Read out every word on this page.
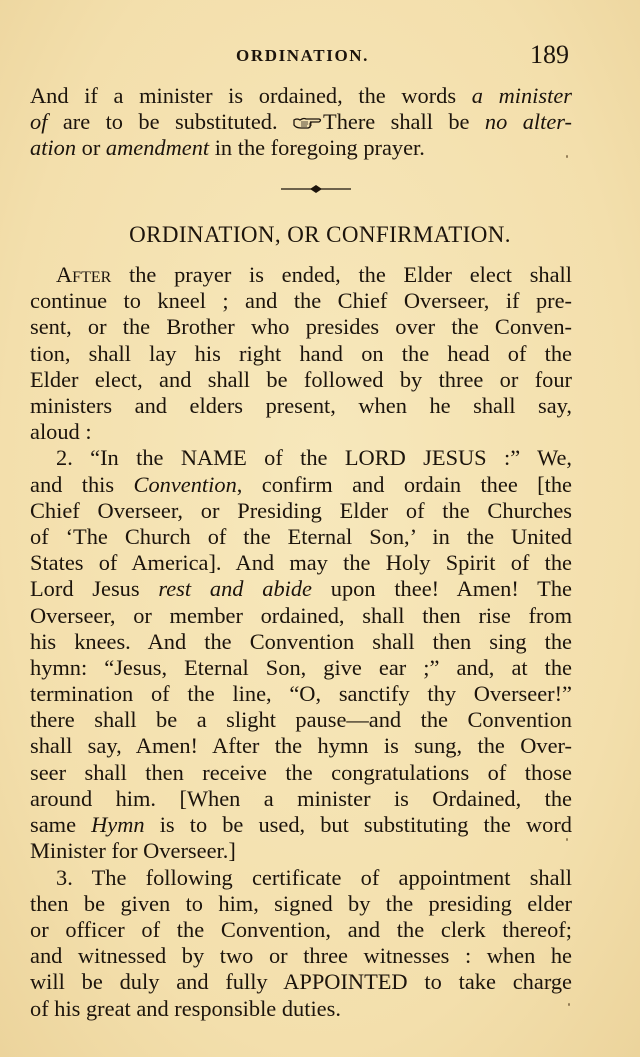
ORDINATION.	189
And if a minister is ordained, the words a minister
of are to be substituted. There shall be no alter-
ation or amendment in the foregoing prayer.
ORDINATION, OR CONFIRMATION.
After the prayer is ended, the Elder elect shall
continue to kneel ; and the Chief Overseer, if pre-
sent, or the Brother who presides over the Conven-
tion, shall lay his right hand on the head of the
Elder elect, and shall be followed by three or four
ministers and elders present, when he shall say,
aloud :
2. “In the NAME of the LORD JESUS :” We,
and this Convention, confirm and ordain thee [the
Chief Overseer, or Presiding Elder of the Churches
of ‘The Church of the Eternal Son,’ in the United
States of America]. And may the Holy Spirit of the
Lord Jesus rest and abide upon thee! Amen! The
Overseer, or member ordained, shall then rise from
his knees. And the Convention shall then sing the
hymn: “Jesus, Eternal Son, give ear ;” and, at the
termination of the line, “O, sanctify thy Overseer!”
there shall be a slight pause—and the Convention
shall say, Amen! After the hymn is sung, the Over-
seer shall then receive the congratulations of those
around him. [When a minister is Ordained, the
same Hymn is to be used, but substituting the word
Minister for Overseer.]
3. The following certificate of appointment shall
then be given to him, signed by the presiding elder
or officer of the Convention, and the clerk thereof;
and witnessed by two or three witnesses : when he
will be duly and fully APPOINTED to take charge
of his great and responsible duties.
